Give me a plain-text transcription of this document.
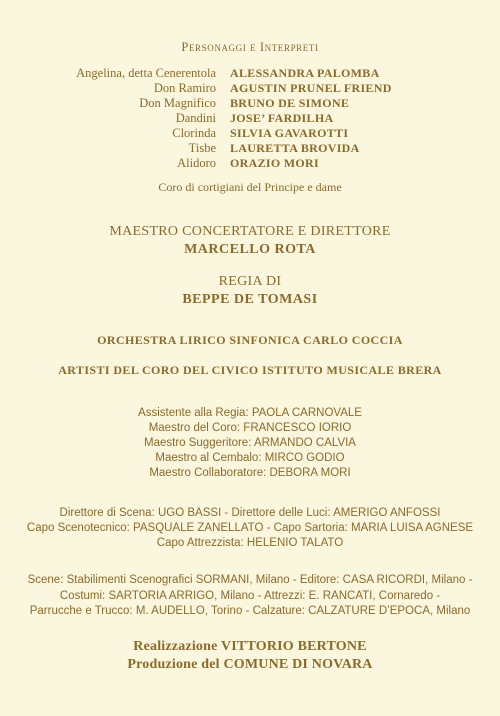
Personaggi e Interpreti
Angelina, detta Cenerentola	ALESSANDRA PALOMBA
Don Ramiro	AGUSTIN PRUNEL FRIEND
Don Magnifico	BRUNO DE SIMONE
Dandini	JOSE’ FARDILHA
Clorinda	SILVIA GAVAROTTI
Tisbe	LAURETTA BROVIDA
Alidoro	ORAZIO MORI
Coro di cortigiani del Principe e dame
MAESTRO CONCERTATORE E DIRETTORE
MARCELLO ROTA
REGIA DI
BEPPE DE TOMASI
ORCHESTRA LIRICO SINFONICA CARLO COCCIA
ARTISTI DEL CORO DEL CIVICO ISTITUTO MUSICALE BRERA
Assistente alla Regia: PAOLA CARNOVALE
Maestro del Coro: FRANCESCO IORIO
Maestro Suggeritore: ARMANDO CALVIA
Maestro al Cembalo: MIRCO GODIO
Maestro Collaboratore: DEBORA MORI
Direttore di Scena: UGO BASSI - Direttore delle Luci: AMERIGO ANFOSSI
Capo Scenotecnico: PASQUALE ZANELLATO - Capo Sartoria: MARIA LUISA AGNESE
Capo Attrezzista: HELENIO TALATO
Scene: Stabilimenti Scenografici SORMANI, Milano - Editore: CASA RICORDI, Milano -
Costumi: SARTORIA ARRIGO, Milano - Attrezzi: E. RANCATI, Cornaredo -
Parrucche e Trucco: M. AUDELLO, Torino - Calzature: CALZATURE D’EPOCA, Milano
Realizzazione VITTORIO BERTONE
Produzione del COMUNE DI NOVARA
